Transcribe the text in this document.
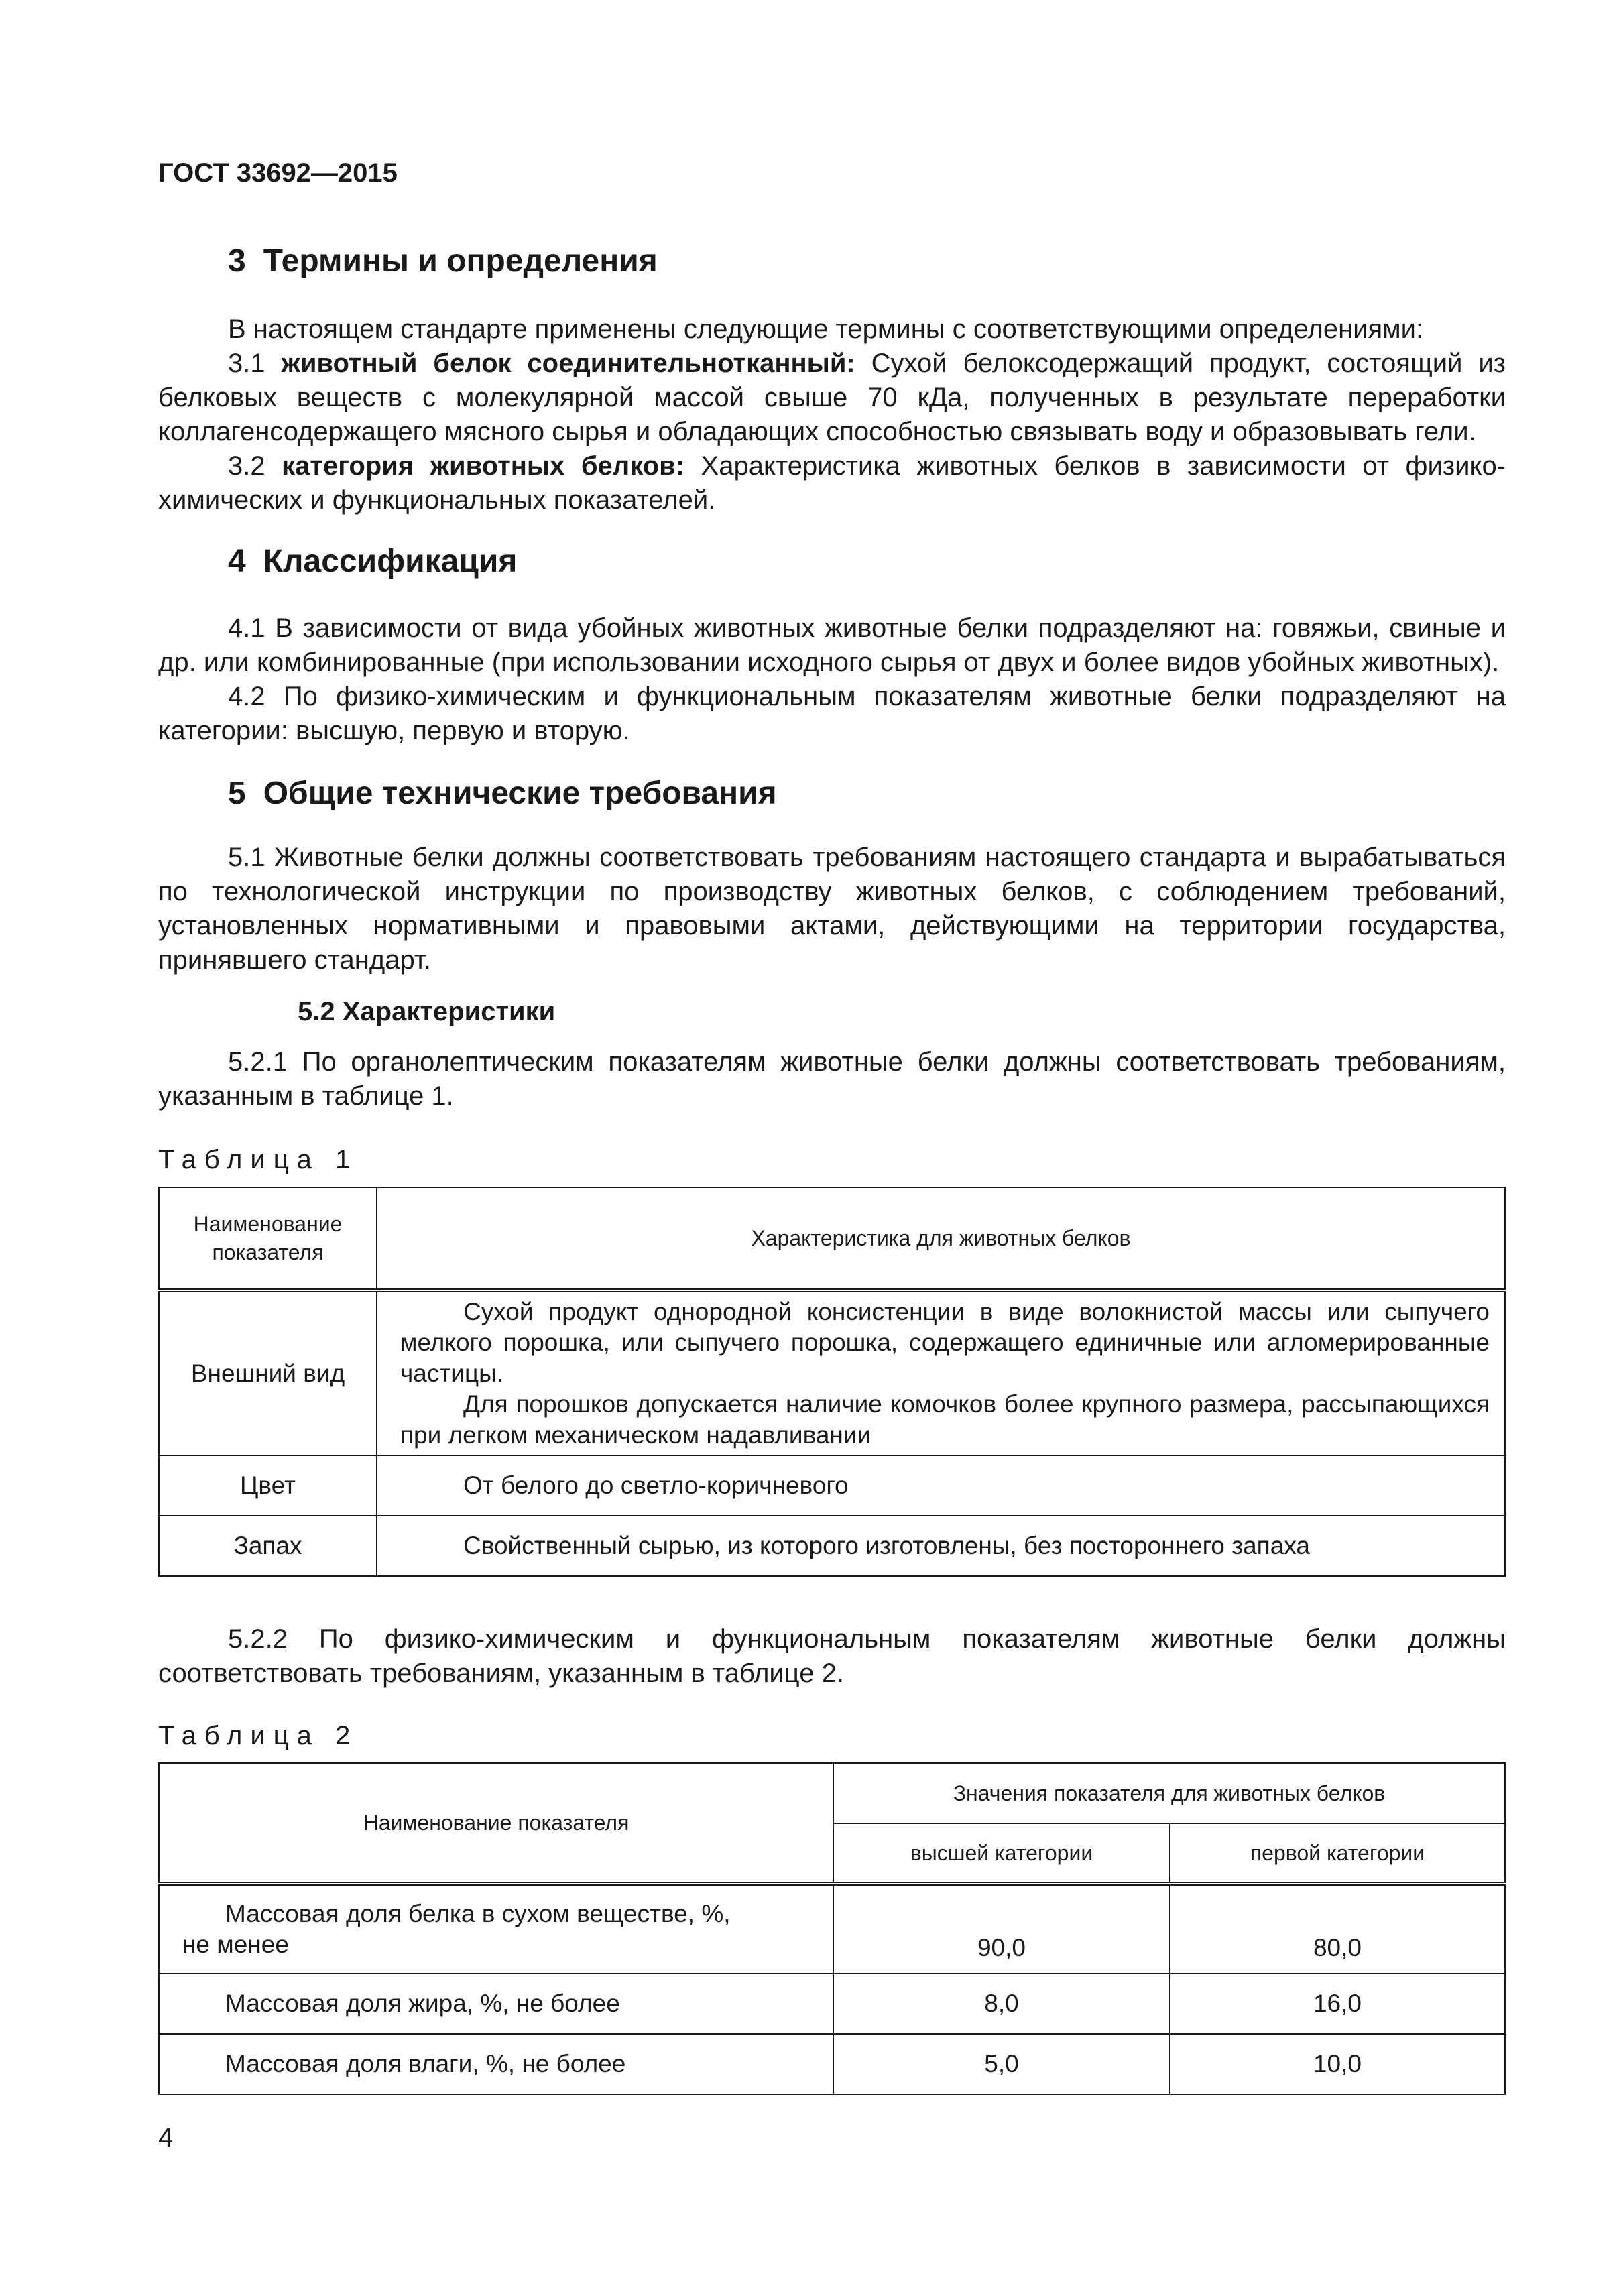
ГОСТ 33692—2015

3 Термины и определения

В настоящем стандарте применены следующие термины с соответствующими определениями:

3.1 животный белок соединительнотканный: Сухой белоксодержащий продукт, состоящий из белковых веществ с молекулярной массой свыше 70 кДа, полученных в результате переработки коллагенсодержащего мясного сырья и обладающих способностью связывать воду и образовывать гели.

3.2 категория животных белков: Характеристика животных белков в зависимости от физико-химических и функциональных показателей.

4 Классификация

4.1 В зависимости от вида убойных животных животные белки подразделяют на: говяжьи, свиные и др. или комбинированные (при использовании исходного сырья от двух и более видов убойных животных).

4.2 По физико-химическим и функциональным показателям животные белки подразделяют на категории: высшую, первую и вторую.

5 Общие технические требования

5.1 Животные белки должны соответствовать требованиям настоящего стандарта и вырабатываться по технологической инструкции по производству животных белков, с соблюдением требований, установленных нормативными и правовыми актами, действующими на территории государства, принявшего стандарт.

5.2 Характеристики

5.2.1 По органолептическим показателям животные белки должны соответствовать требованиям, указанным в таблице 1.

Таблица 1

Наименование показателя	Характеристика для животных белков
Внешний вид	Сухой продукт однородной консистенции в виде волокнистой массы или сыпучего мелкого порошка, или сыпучего порошка, содержащего единичные или агломерированные частицы.

Для порошков допускается наличие комочков более крупного размера, рассыпающихся при легком механическом надавливании

Цвет	От белого до светло-коричневого

Запах	Свойственный сырью, из которого изготовлены, без постороннего запаха

5.2.2 По физико-химическим и функциональным показателям животные белки должны соответствовать требованиям, указанным в таблице 2.

Таблица 2

Наименование показателя	Значения показателя для животных белков	
	высшей категории	первой категории
Массовая доля белка в сухом веществе, %, не менее	90,0	80,0
Массовая доля жира, %, не более	8,0	16,0
Массовая доля влаги, %, не более	5,0	10,0
4
